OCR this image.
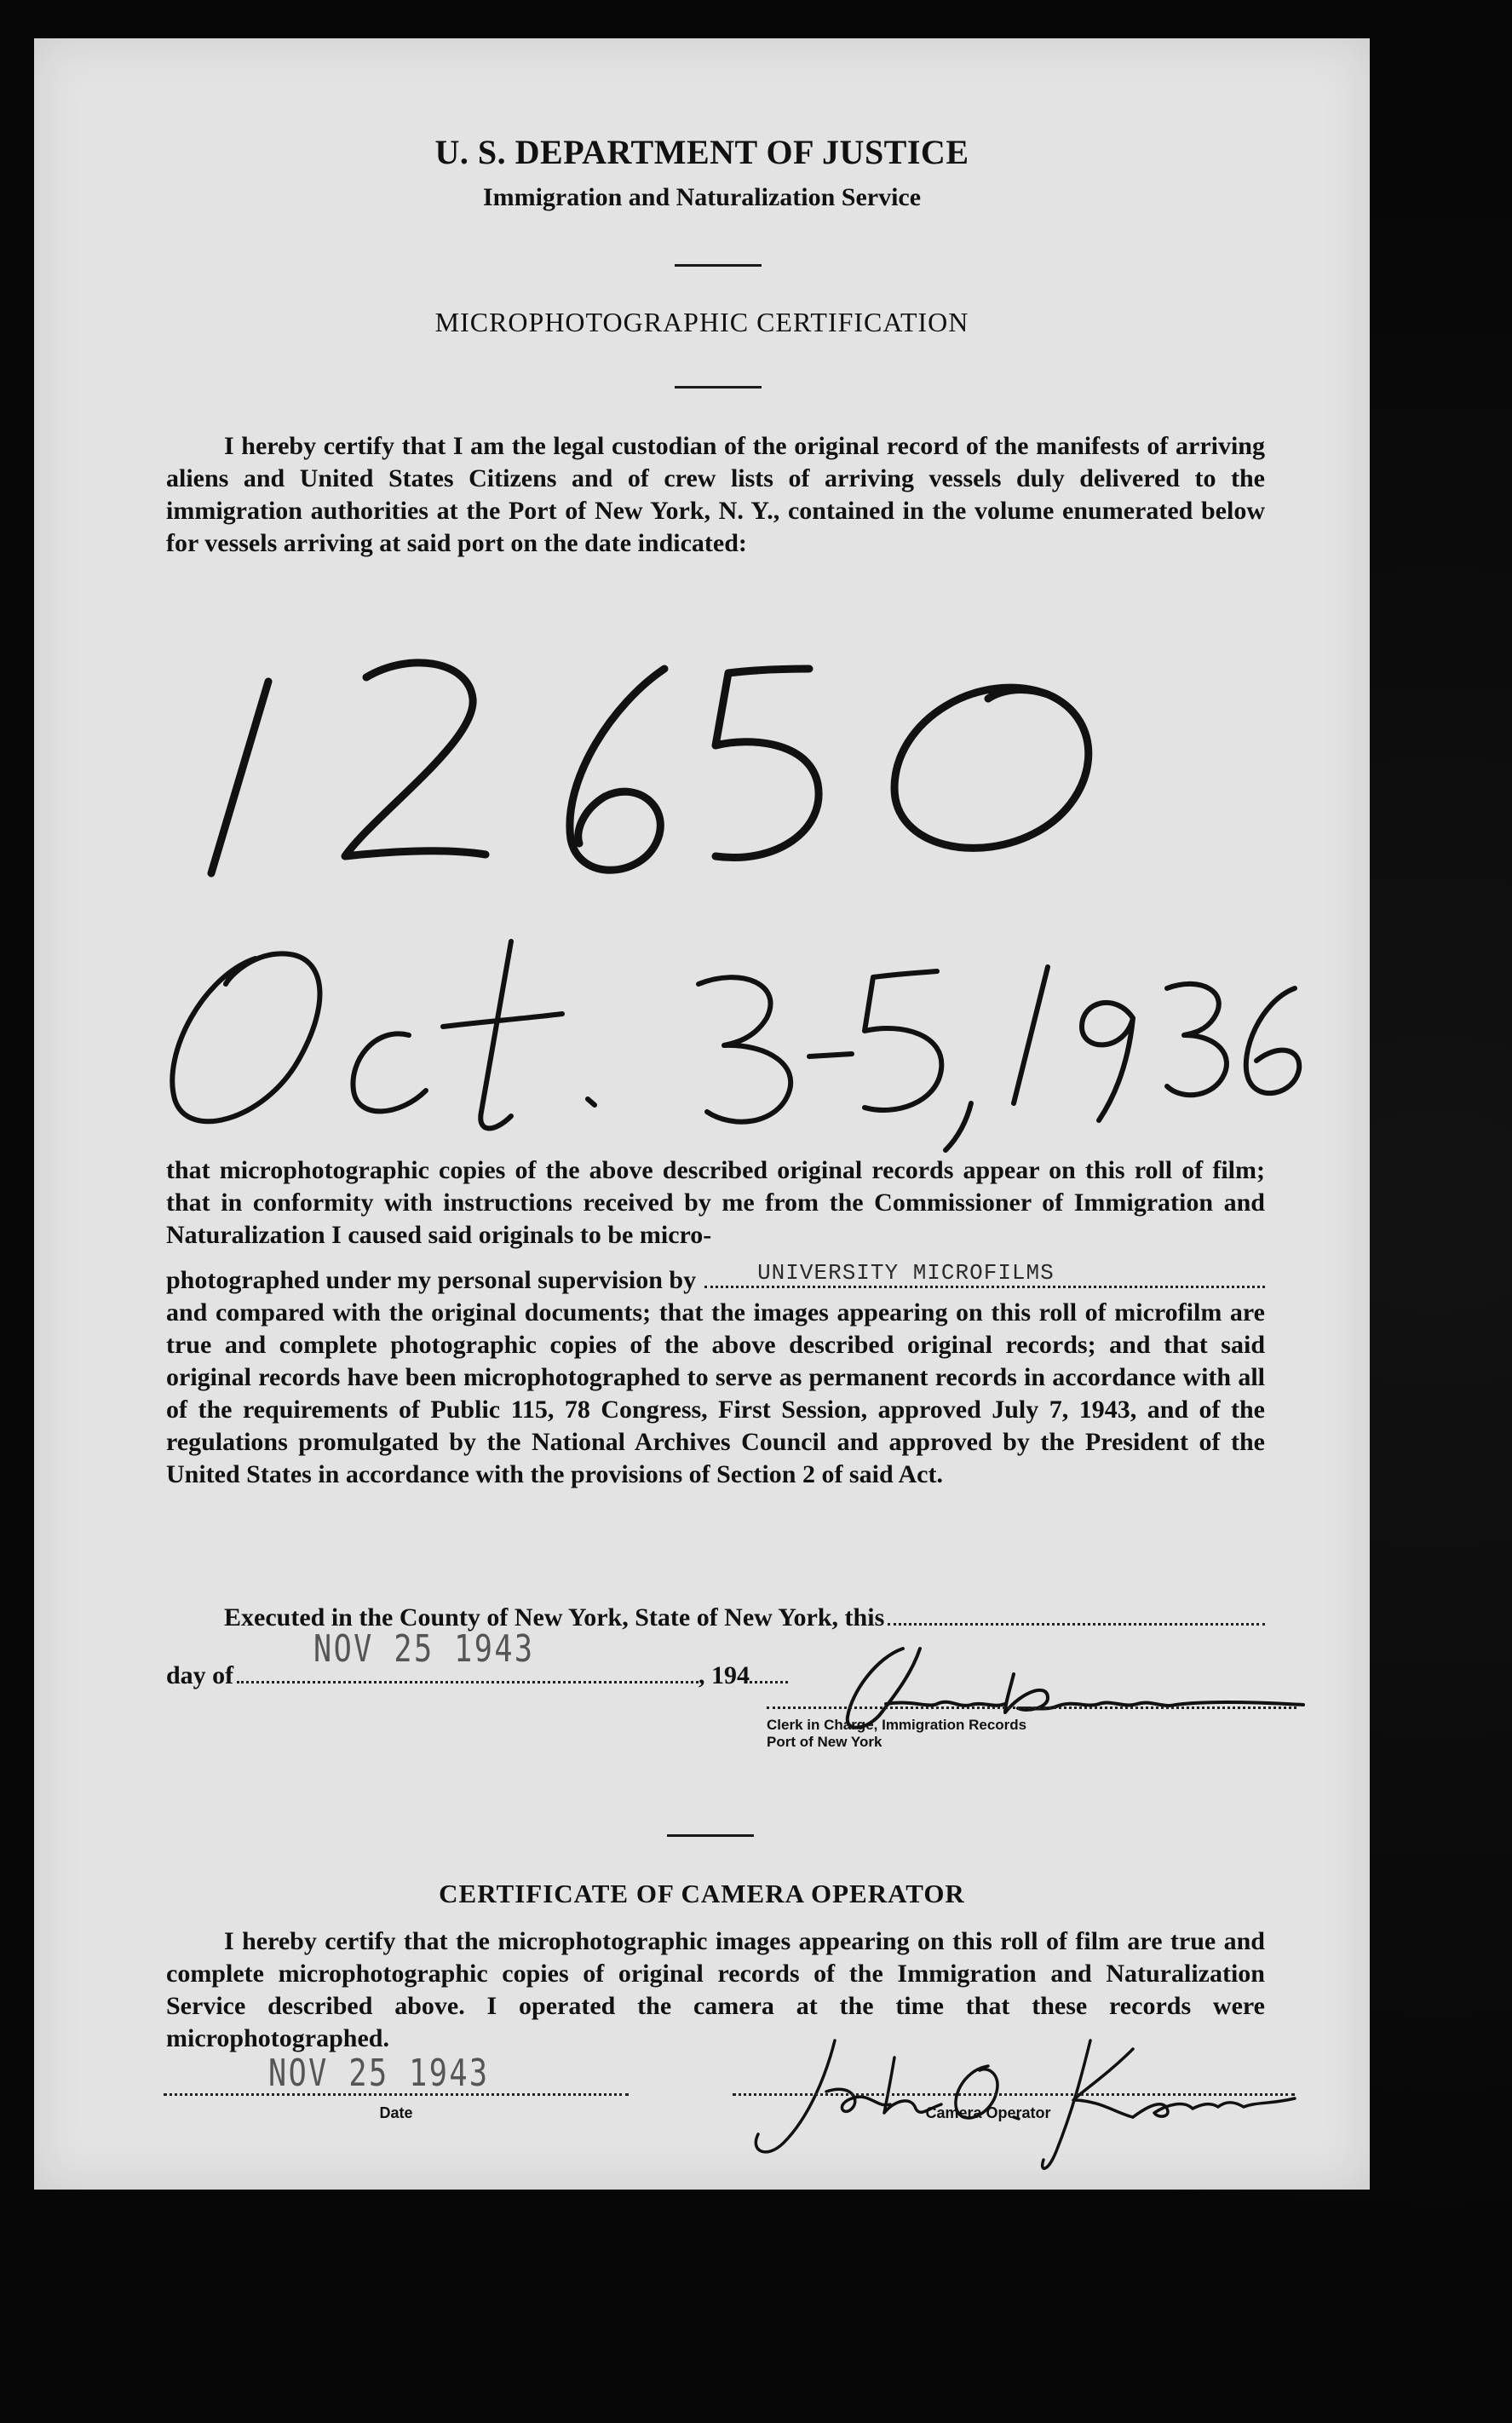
U. S. DEPARTMENT OF JUSTICE
Immigration and Naturalization Service
MICROPHOTOGRAPHIC CERTIFICATION

I hereby certify that I am the legal custodian of the original record of the manifests of arriving aliens and United States Citizens and of crew lists of arriving vessels duly delivered to the immigration authorities at the Port of New York, N. Y., contained in the volume enumerated below for vessels arriving at said port on the date indicated:

that microphotographic copies of the above described original records appear on this roll of film; that in conformity with instructions received by me from the Commissioner of Immigration and Naturalization I caused said originals to be micro-

photographed under my personal supervision by	UNIVERSITY MICROFILMS

and compared with the original documents; that the images appearing on this roll of microfilm are true and complete photographic copies of the above described original records; and that said original records have been microphotographed to serve as permanent records in accordance with all of the requirements of Public 115, 78 Congress, First Session, approved July 7, 1943, and of the regulations promulgated by the National Archives Council and approved by the President of the United States in accordance with the provisions of Section 2 of said Act.

Executed in the County of New York, State of New York, this
day of	, 194
NOV 25 1943
Clerk in Charge, Immigration Records
Port of New York
CERTIFICATE OF CAMERA OPERATOR

I hereby certify that the microphotographic images appearing on this roll of film are true and complete microphotographic copies of original records of the Immigration and Naturalization Service described above. I operated the camera at the time that these records were microphotographed.

NOV 25 1943
Date	Camera Operator
